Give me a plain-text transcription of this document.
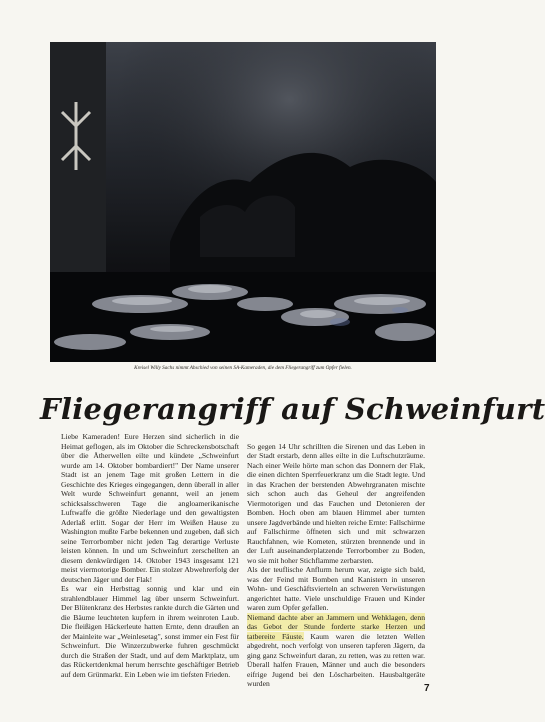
Kreisel Willy Sachs nimmt Abschied von seinen SA-Kameraden, die dem Fliegerangriff zum Opfer fielen.
Fliegerangriff auf Schweinfurt

Liebe Kameraden! Eure Herzen sind sicherlich in die Heimat geflogen, als im Oktober die Schreckensbotschaft über die Ätherwellen eilte und kündete „Schweinfurt wurde am 14. Oktober bombardiert!" Der Name unserer Stadt ist an jenem Tage mit großen Lettern in die Geschichte des Krieges eingegangen, denn überall in aller Welt wurde Schweinfurt genannt, weil an jenem schicksalsschweren Tage die angloamerikanische Luftwaffe die größte Niederlage und den gewaltigsten Aderlaß erlitt. Sogar der Herr im Weißen Hause zu Washington mußte Farbe bekennen und zugeben, daß sich seine Terrorbomber nicht jeden Tag derartige Verluste leisten können. In und um Schweinfurt zerschellten an diesem denkwürdigen 14. Oktober 1943 insgesamt 121 meist viermotorige Bomber. Ein stolzer Abwehrerfolg der deutschen Jäger und der Flak!

Es war ein Herbsttag sonnig und klar und ein strahlendblauer Himmel lag über unserm Schweinfurt. Der Blütenkranz des Herbstes rankte durch die Gärten und die Bäume leuchteten kupfern in ihrem weinroten Laub. Die fleißigen Häckerleute hatten Ernte, denn draußen an der Mainleite war „Weinlesetag", sonst immer ein Fest für Schweinfurt. Die Winzerzubwerke fuhren geschmückt durch die Straßen der Stadt, und auf dem Marktplatz, um das Rückertdenkmal herum herrschte geschäftiger Betrieb auf dem Grünmarkt. Ein Leben wie im tiefsten Frieden.

So gegen 14 Uhr schrillten die Sirenen und das Leben in der Stadt erstarb, denn alles eilte in die Luftschutzräume. Nach einer Weile hörte man schon das Donnern der Flak, die einen dichten Sperrfeuerkranz um die Stadt legte. Und in das Krachen der berstenden Abwehrgranaten mischte sich schon auch das Geheul der angreifenden Viermotorigen und das Fauchen und Detonieren der Bomben. Hoch oben am blauen Himmel aber turnten unsere Jagdverbände und hielten reiche Ernte: Fallschirme auf Fallschirme öffneten sich und mit schwarzen Rauchfahnen, wie Kometen, stürzten brennende und in der Luft auseinanderplatzende Terrorbomber zu Boden, wo sie mit hoher Stichflamme zerbarsten.
Als der teuflische Anflurm herum war, zeigte sich bald, was der Feind mit Bomben und Kanistern in unseren Wohn- und Geschäftsvierteln an schweren Verwüstungen angerichtet hatte. Viele unschuldige Frauen und Kinder waren zum Opfer gefallen.

Niemand dachte aber an Jammern und Wehklagen, denn das Gebot der Stunde forderte starke Herzen und tatbereite Fäuste. Kaum waren die letzten Wellen abgedreht, noch verfolgt von unseren tapferen Jägern, da ging ganz Schweinfurt daran, zu retten, was zu retten war. Überall halfen Frauen, Männer und auch die besonders eifrige Jugend bei den Löscharbeiten. Hausbaltgeräte wurden	7
